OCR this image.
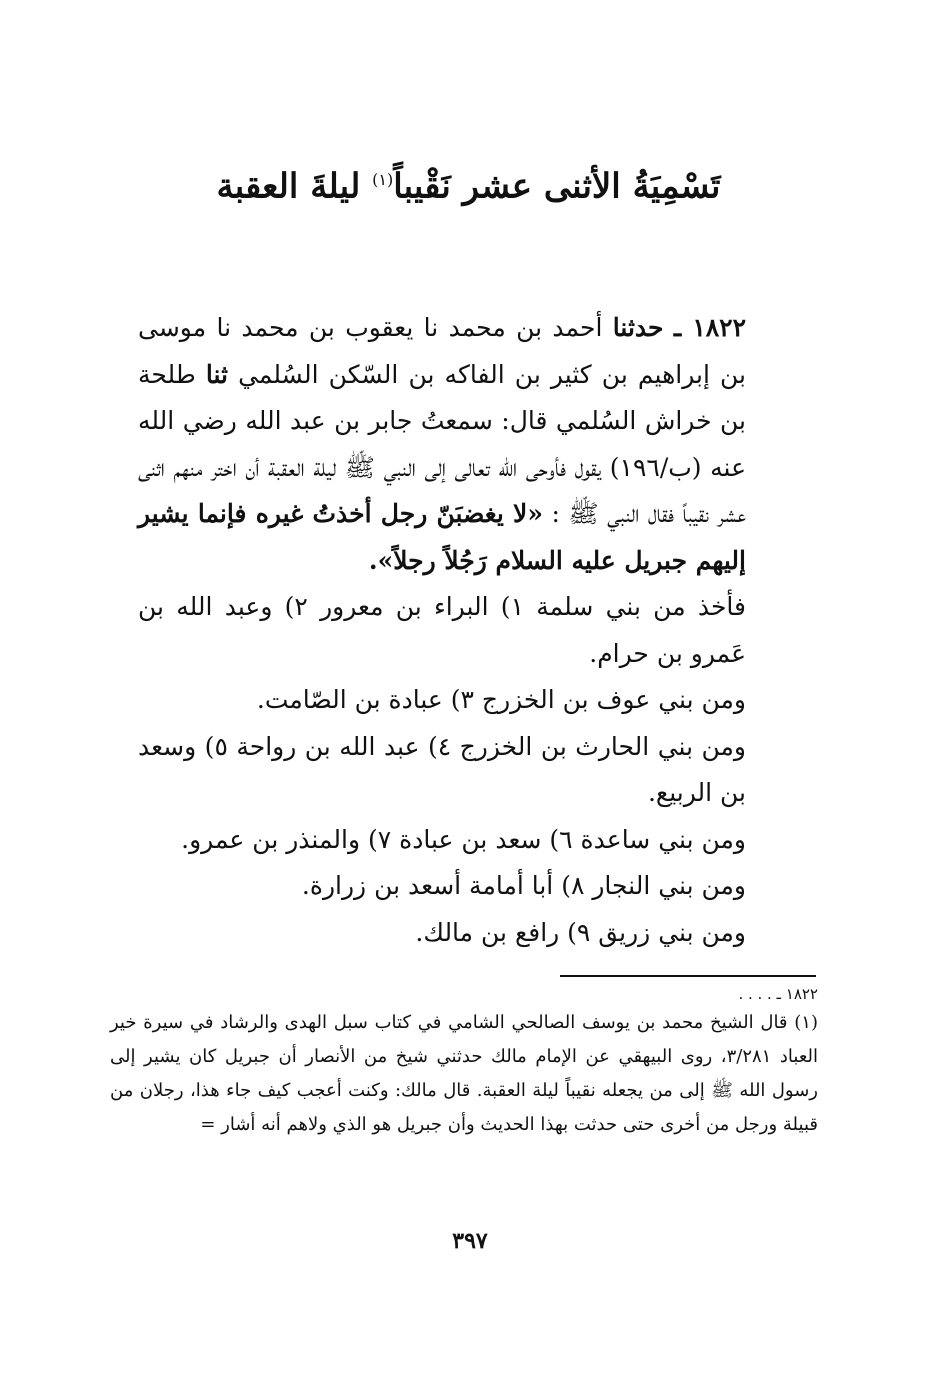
تَسْمِيَةُ الأثنى عشر نَقْيباً$^{(١)}$ ليلةَ العقبة

١٨٢٢ ـ حدثنا أحمد بن محمد نا يعقوب بن محمد نا موسى بن إبراهيم بن كثير بن الفاكه بن السّكن السُلمي ثنا طلحة بن خراش السُلمي قال: سمعتُ جابر بن عبد الله رضي الله عنه (ب/١٩٦) يقول فأوحى الله تعالى إلى النبي ﷺ ليلة العقبة أن اختر منهم اثنى عشر نقيباً فقال النبي ﷺ : «لا يغضبَنّ رجل أخذتُ غيره فإنما يشير إليهم جبريل عليه السلام رَجُلاً رجلاً».

فأخذ من بني سلمة ١) البراء بن معرور ٢) وعبد الله بن عَمرو بن حرام.

ومن بني عوف بن الخزرج ٣) عبادة بن الصّامت.

ومن بني الحارث بن الخزرج ٤) عبد الله بن رواحة ٥) وسعد بن الربيع.

ومن بني ساعدة ٦) سعد بن عبادة ٧) والمنذر بن عمرو.

ومن بني النجار ٨) أبا أمامة أسعد بن زرارة.

ومن بني زريق ٩) رافع بن مالك.

١٨٢٢ ـ . . . .

(١) قال الشيخ محمد بن يوسف الصالحي الشامي في كتاب سبل الهدى والرشاد في سيرة خير العباد ٣/٢٨١، روى البيهقي عن الإمام مالك حدثني شيخ من الأنصار أن جبريل كان يشير إلى رسول الله ﷺ إلى من يجعله نقيباً ليلة العقبة. قال مالك: وكنت أعجب كيف جاء هذا، رجلان من قبيلة ورجل من أخرى حتى حدثت بهذا الحديث وأن جبريل هو الذي ولاهم أنه أشار =

٣٩٧
